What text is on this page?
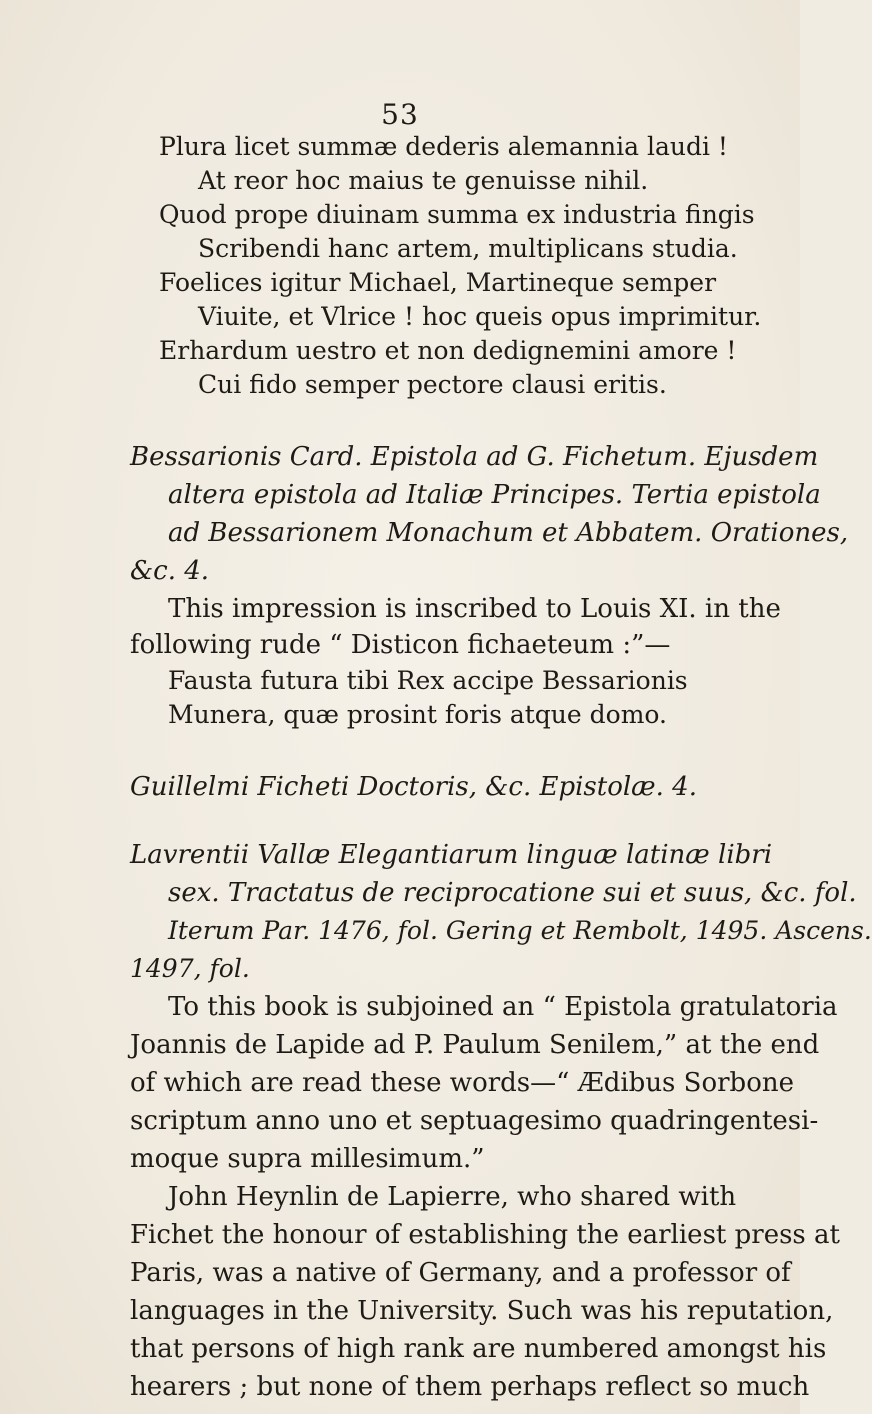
53
Plura licet summæ dederis alemannia laudi !
At reor hoc maius te genuisse nihil.
Quod prope diuinam summa ex industria fingis
Scribendi hanc artem, multiplicans studia.
Foelices igitur Michael, Martineque semper
Viuite, et Vlrice ! hoc queis opus imprimitur.
Erhardum uestro et non dedignemini amore !
Cui fido semper pectore clausi eritis.
Bessarionis Card. Epistola ad G. Fichetum. Ejusdem
altera epistola ad Italiæ Principes. Tertia epistola
ad Bessarionem Monachum et Abbatem. Orationes,
&c. 4.
This impression is inscribed to Louis XI. in the
following rude “ Disticon fichaeteum :”—
Fausta futura tibi Rex accipe Bessarionis
Munera, quæ prosint foris atque domo.
Guillelmi Ficheti Doctoris, &c. Epistolæ. 4.
Lavrentii Vallæ Elegantiarum linguæ latinæ libri
sex. Tractatus de reciprocatione sui et suus, &c. fol.
Iterum Par. 1476, fol. Gering et Rembolt, 1495. Ascens.
1497, fol.
To this book is subjoined an “ Epistola gratulatoria
Joannis de Lapide ad P. Paulum Senilem,” at the end
of which are read these words—“ Ædibus Sorbone
scriptum anno uno et septuagesimo quadringentesi-
moque supra millesimum.”
John Heynlin de Lapierre, who shared with
Fichet the honour of establishing the earliest press at
Paris, was a native of Germany, and a professor of
languages in the University. Such was his reputation,
that persons of high rank are numbered amongst his
hearers ; but none of them perhaps reflect so much
